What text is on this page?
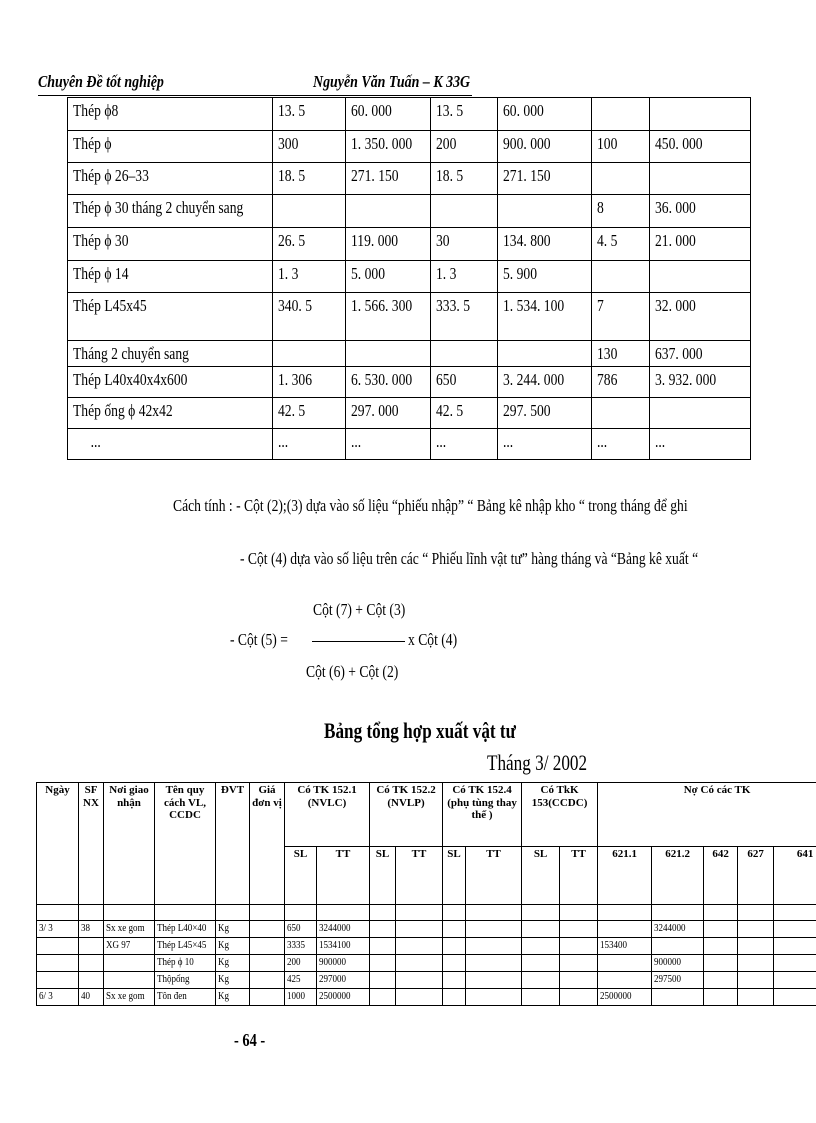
Chuyên Đề tốt nghiệp	Nguyễn Văn Tuấn – K 33G
Thép ϕ8	13. 5	60. 000	13. 5	60. 000		
Thép ϕ	300	1. 350. 000	200	900. 000	100	450. 000
Thép ϕ 26–33	18. 5	271. 150	18. 5	271. 150		
Thép ϕ 30 tháng 2 chuyển sang					8	36. 000
Thép ϕ 30	26. 5	119. 000	30	134. 800	4. 5	21. 000
Thép ϕ 14	1. 3	5. 000	1. 3	5. 900		
Thép L45x45	340. 5	1. 566. 300	333. 5	1. 534. 100	7	32. 000
Tháng 2 chuyển sang					130	637. 000
Thép L40x40x4x600	1. 306	6. 530. 000	650	3. 244. 000	786	3. 932. 000
Thép ống ϕ 42x42	42. 5	297. 000	42. 5	297. 500		
...	...	...	...	...	...	...
Cách tính : - Cột (2);(3) dựa vào số liệu “phiếu nhập” “ Bảng kê nhập kho “ trong tháng để ghi
- Cột (4) dựa vào số liệu trên các “ Phiếu lĩnh vật tư” hàng tháng và “Bảng kê xuất “
Cột (7) + Cột (3)
- Cột (5) =	x Cột (4)
Cột (6) + Cột (2)
Bảng tổng hợp xuất vật tư
Tháng 3/ 2002
Ngày	SF NX	Nơi giao nhận	Tên quy cách VL, CCDC	ĐVT	Giá đơn vị	Có TK 152.1 (NVLC)		Có TK 152.2 (NVLP)		Có TK 152.4 (phụ tùng thay thế )		Có TkK 153(CCDC)		Nợ Có các TK				
						SL	TT	SL	TT	SL	TT	SL	TT	621.1	621.2	642	627	641

3/ 3	38	Sx xe gom	Thép L40×40	Kg		650	3244000								3244000			
		XG 97	Thép L45×45	Kg		3335	1534100							153400				
			Thép ϕ 10	Kg		200	900000								900000			
			Thộpống	Kg		425	297000								297500			
6/ 3	40	Sx xe gom	Tôn đen	Kg		1000	2500000							2500000				
- 64 -
